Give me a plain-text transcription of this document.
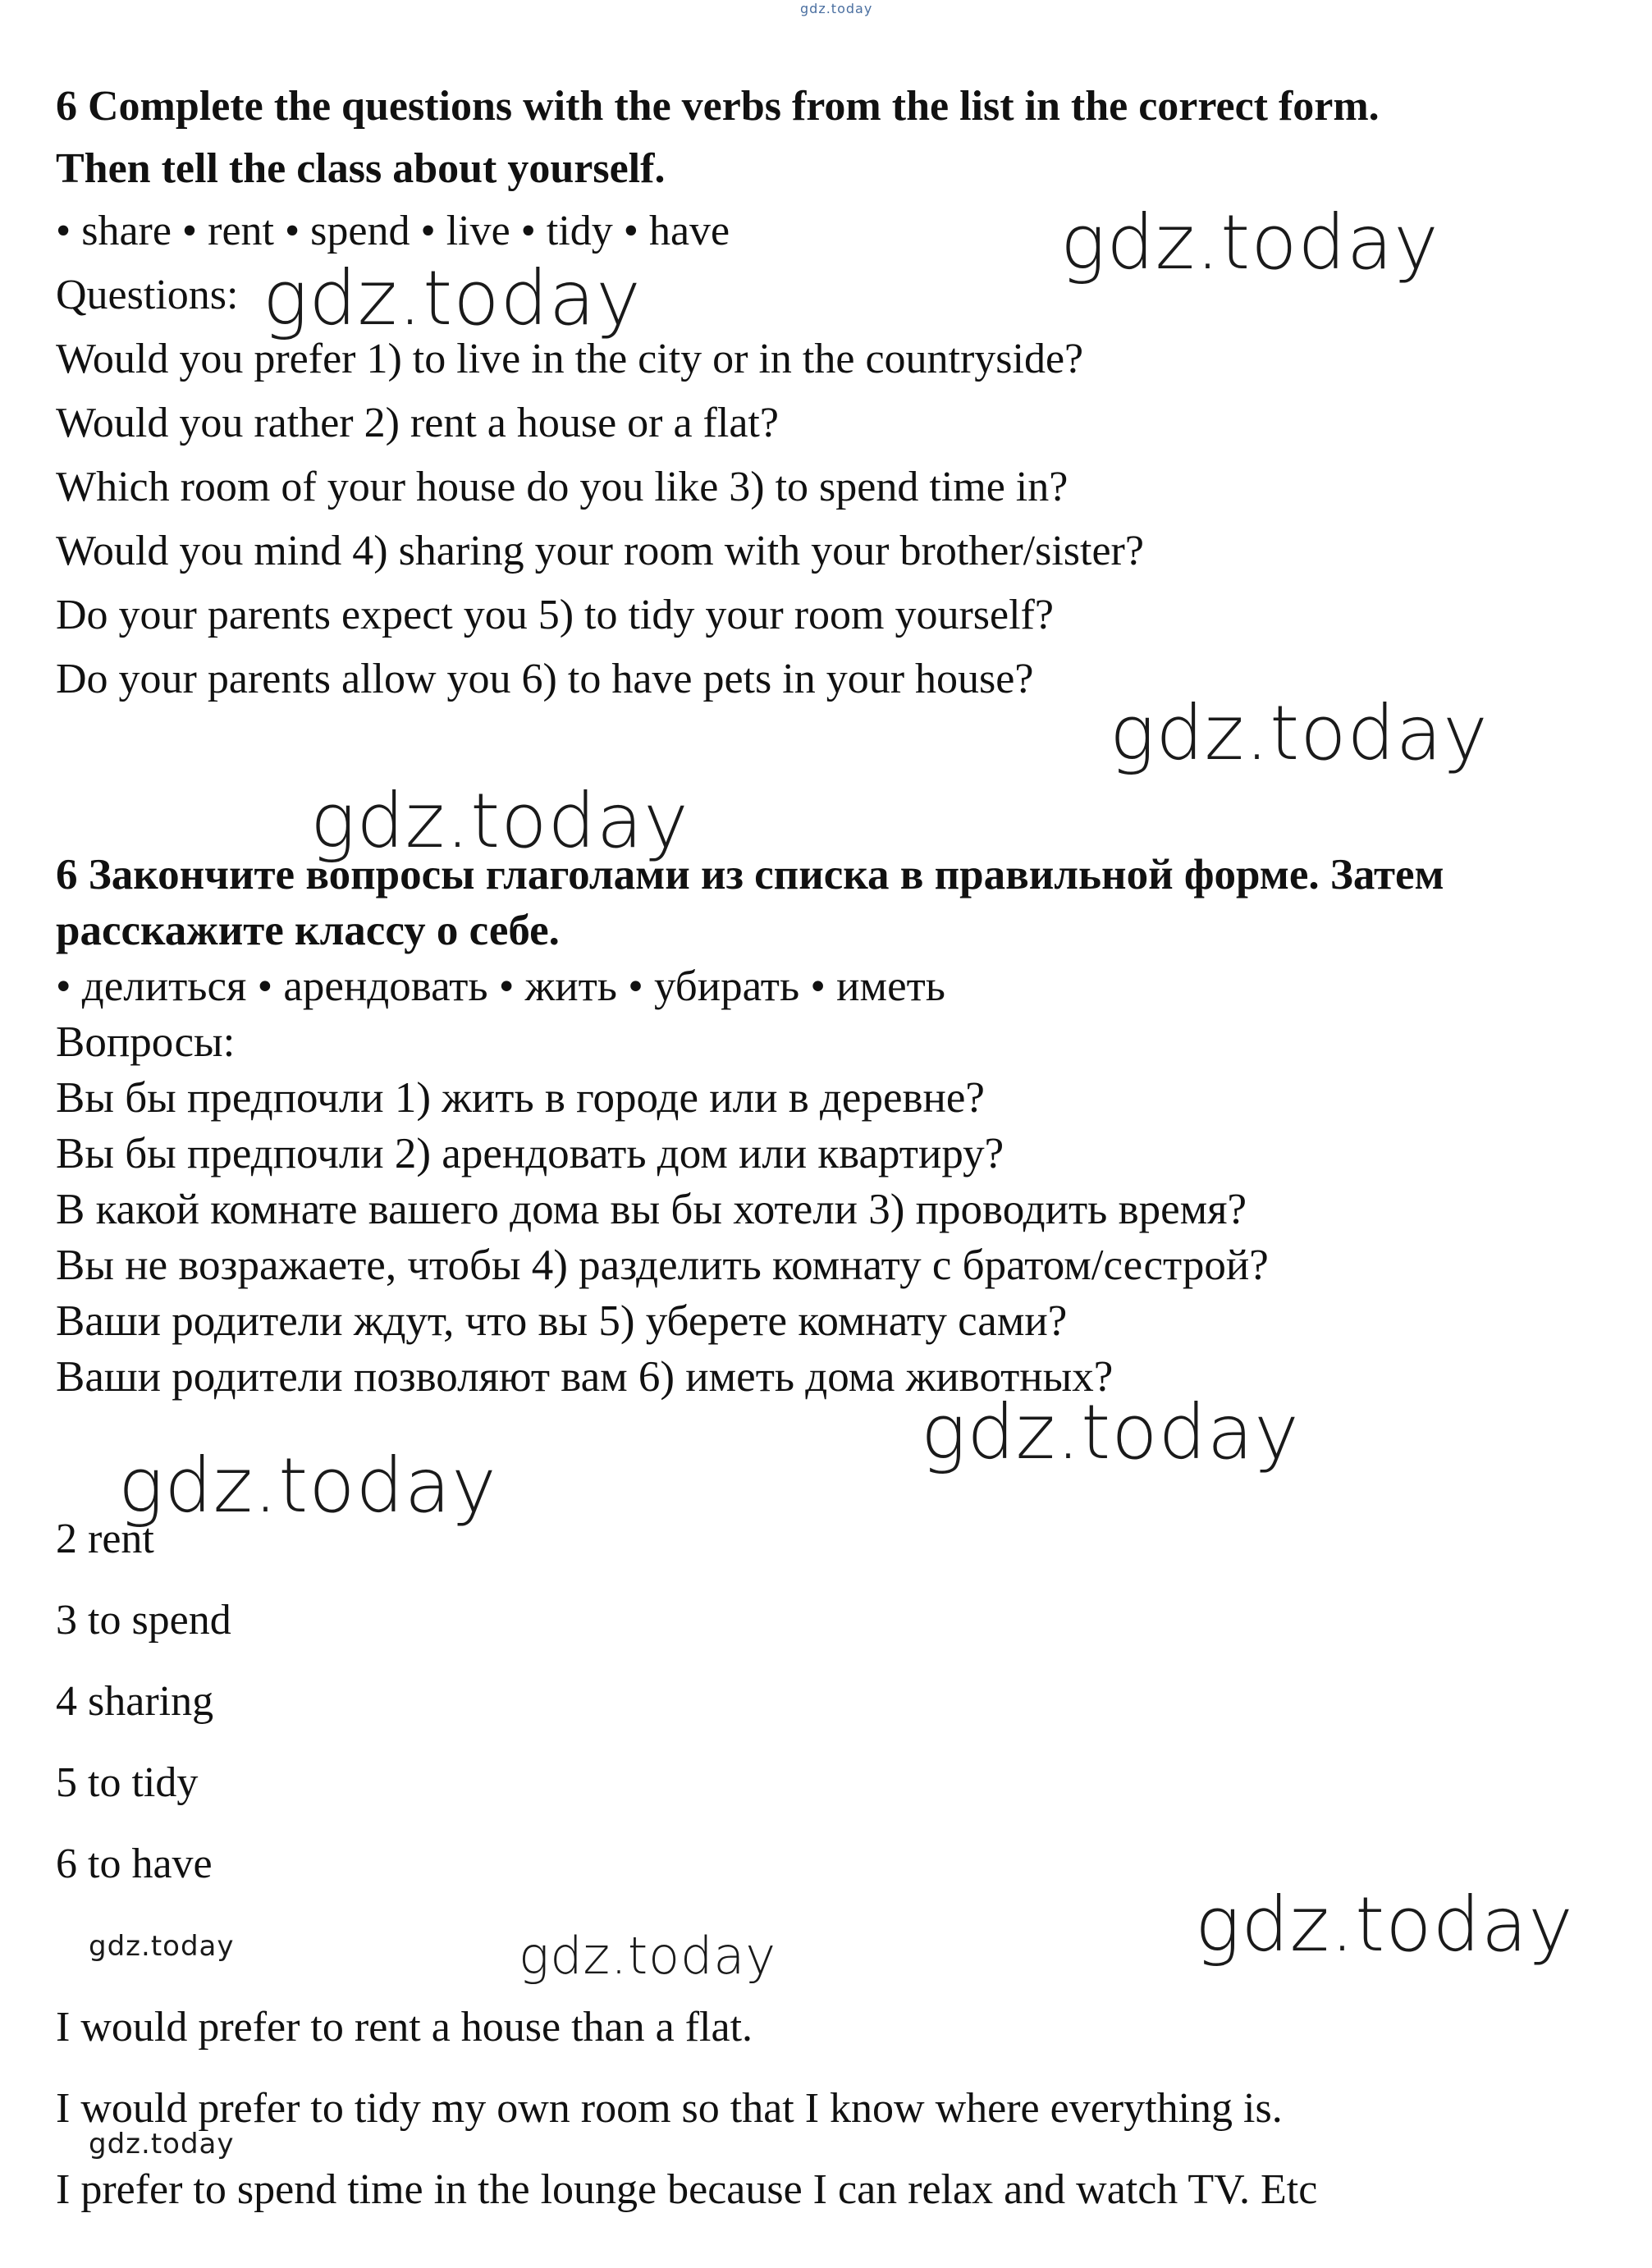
gdz.today
gdz.today
gdz.today
gdz.today
gdz.today
gdz.today
gdz.today
gdz.today
gdz.today	gdz.today
gdz.today
6 Complete the questions with the verbs from the list in the correct form.
Then tell the class about yourself.
• share • rent • spend • live • tidy • have
Questions:
Would you prefer 1) to live in the city or in the countryside?
Would you rather 2) rent a house or a flat?
Which room of your house do you like 3) to spend time in?
Would you mind 4) sharing your room with your brother/sister?
Do your parents expect you 5) to tidy your room yourself?
Do your parents allow you 6) to have pets in your house?
6 Закончите вопросы глаголами из списка в правильной форме. Затем
расскажите классу о себе.
• делиться • арендовать • жить • убирать • иметь
Вопросы:
Вы бы предпочли 1) жить в городе или в деревне?
Вы бы предпочли 2) арендовать дом или квартиру?
В какой комнате вашего дома вы бы хотели 3) проводить время?
Вы не возражаете, чтобы 4) разделить комнату с братом/сестрой?
Ваши родители ждут, что вы 5) уберете комнату сами?
Ваши родители позволяют вам 6) иметь дома животных?
2 rent
3 to spend
4 sharing
5 to tidy
6 to have
I would prefer to rent a house than a flat.
I would prefer to tidy my own room so that I know where everything is.
I prefer to spend time in the lounge because I can relax and watch TV. Etc
